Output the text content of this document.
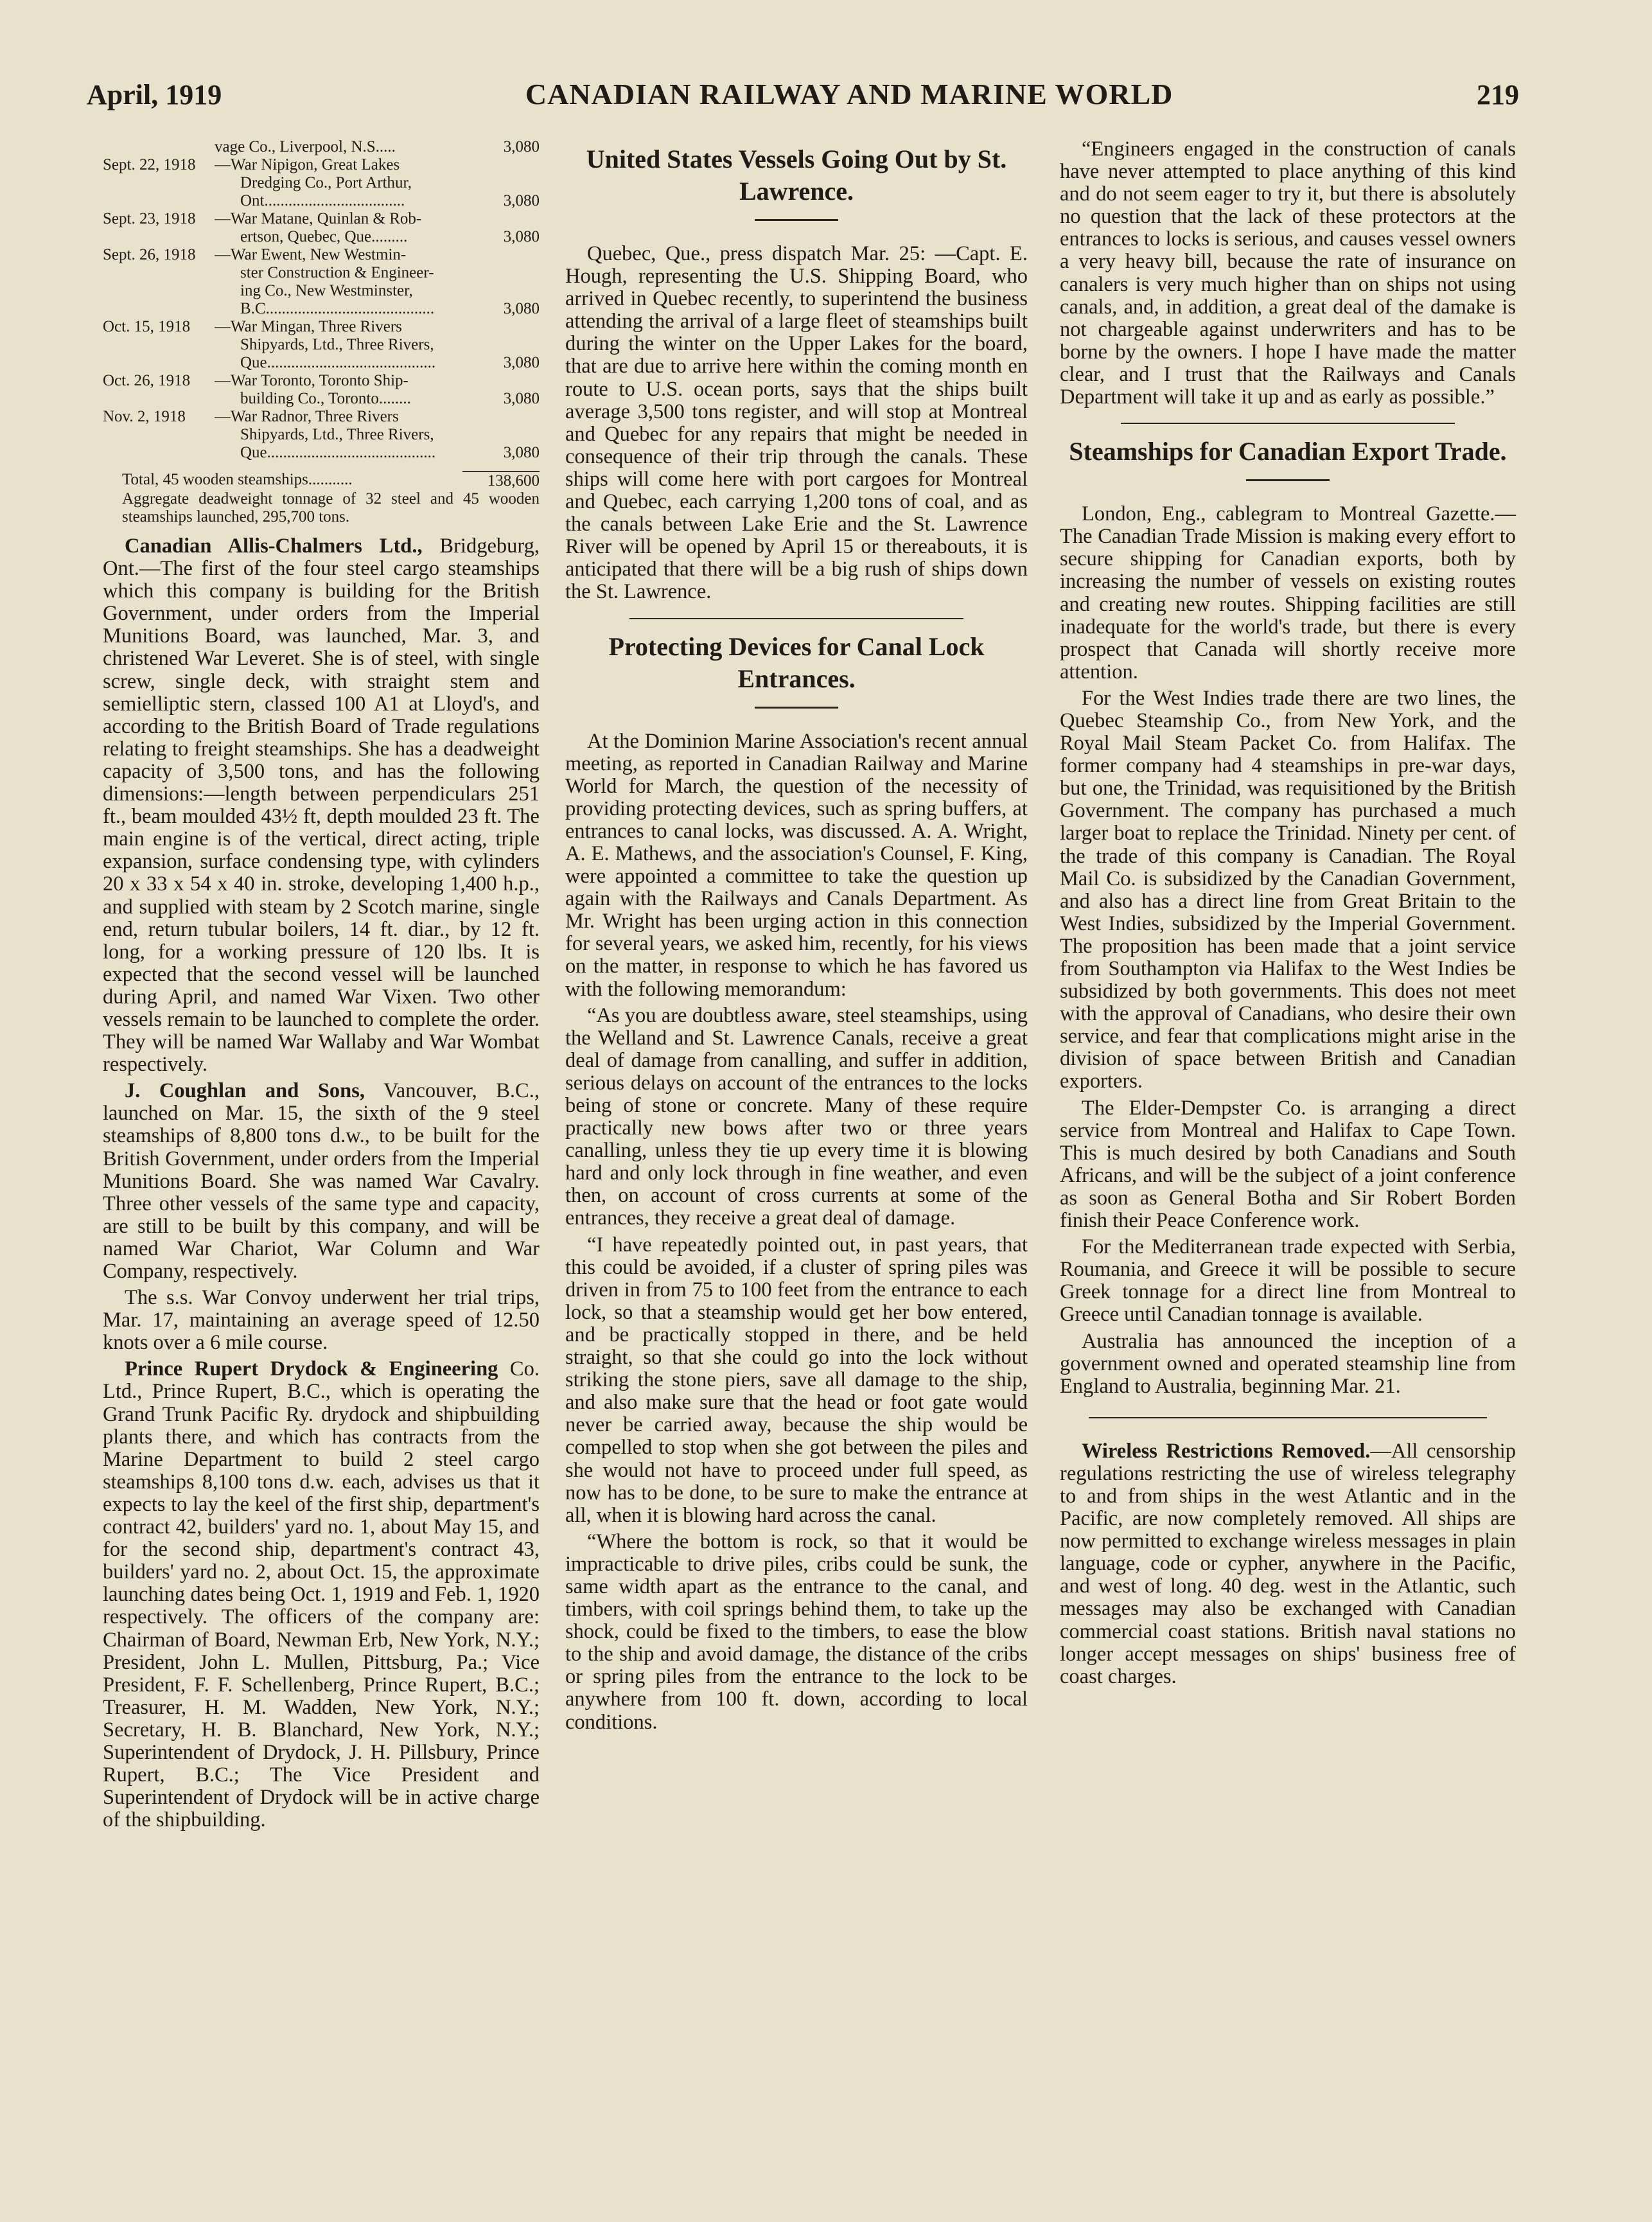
April, 1919	CANADIAN RAILWAY AND MARINE WORLD	219
vage Co., Liverpool, N.S.....	3,080
Sept. 22, 1918	—War Nipigon, Great Lakes
Dredging Co., Port Arthur,
Ont...................................	3,080
Sept. 23, 1918	—War Matane, Quinlan & Rob-
ertson, Quebec, Que.........	3,080
Sept. 26, 1918	—War Ewent, New Westmin-
ster Construction & Engineer-
ing Co., New Westminster,
B.C..........................................	3,080
Oct. 15, 1918	—War Mingan, Three Rivers
Shipyards, Ltd., Three Rivers,
Que..........................................	3,080
Oct. 26, 1918	—War Toronto, Toronto Ship-
building Co., Toronto........	3,080
Nov. 2, 1918	—War Radnor, Three Rivers
Shipyards, Ltd., Three Rivers,
Que..........................................	3,080
Total, 45 wooden steamships...........	138,600
Aggregate deadweight tonnage of 32 steel and 45 wooden steamships launched, 295,700 tons.

Canadian Allis-Chalmers Ltd., Bridgeburg, Ont.—The first of the four steel cargo steamships which this company is building for the British Government, under orders from the Imperial Munitions Board, was launched, Mar. 3, and christened War Leveret. She is of steel, with single screw, single deck, with straight stem and semielliptic stern, classed 100 A1 at Lloyd's, and according to the British Board of Trade regulations relating to freight steamships. She has a deadweight capacity of 3,500 tons, and has the following dimensions:—length between perpendiculars 251 ft., beam moulded 43½ ft, depth moulded 23 ft. The main engine is of the vertical, direct acting, triple expansion, surface condensing type, with cylinders 20 x 33 x 54 x 40 in. stroke, developing 1,400 h.p., and supplied with steam by 2 Scotch marine, single end, return tubular boilers, 14 ft. diar., by 12 ft. long, for a working pressure of 120 lbs. It is expected that the second vessel will be launched during April, and named War Vixen. Two other vessels remain to be launched to complete the order. They will be named War Wallaby and War Wombat respectively.

J. Coughlan and Sons, Vancouver, B.C., launched on Mar. 15, the sixth of the 9 steel steamships of 8,800 tons d.w., to be built for the British Government, under orders from the Imperial Munitions Board. She was named War Cavalry. Three other vessels of the same type and capacity, are still to be built by this company, and will be named War Chariot, War Column and War Company, respectively.

The s.s. War Convoy underwent her trial trips, Mar. 17, maintaining an average speed of 12.50 knots over a 6 mile course.

Prince Rupert Drydock & Engineering Co. Ltd., Prince Rupert, B.C., which is operating the Grand Trunk Pacific Ry. drydock and shipbuilding plants there, and which has contracts from the Marine Department to build 2 steel cargo steamships 8,100 tons d.w. each, advises us that it expects to lay the keel of the first ship, department's contract 42, builders' yard no. 1, about May 15, and for the second ship, department's contract 43, builders' yard no. 2, about Oct. 15, the approximate launching dates being Oct. 1, 1919 and Feb. 1, 1920 respectively. The officers of the company are: Chairman of Board, Newman Erb, New York, N.Y.; President, John L. Mullen, Pittsburg, Pa.; Vice President, F. F. Schellenberg, Prince Rupert, B.C.; Treasurer, H. M. Wadden, New York, N.Y.; Secretary, H. B. Blanchard, New York, N.Y.; Superintendent of Drydock, J. H. Pillsbury, Prince Rupert, B.C.; The Vice President and Superintendent of Drydock will be in active charge of the shipbuilding.

United States Vessels Going Out by St. Lawrence.

Quebec, Que., press dispatch Mar. 25: —Capt. E. Hough, representing the U.S. Shipping Board, who arrived in Quebec recently, to superintend the business attending the arrival of a large fleet of steamships built during the winter on the Upper Lakes for the board, that are due to arrive here within the coming month en route to U.S. ocean ports, says that the ships built average 3,500 tons register, and will stop at Montreal and Quebec for any repairs that might be needed in consequence of their trip through the canals. These ships will come here with port cargoes for Montreal and Quebec, each carrying 1,200 tons of coal, and as the canals between Lake Erie and the St. Lawrence River will be opened by April 15 or thereabouts, it is anticipated that there will be a big rush of ships down the St. Lawrence.

Protecting Devices for Canal Lock Entrances.

At the Dominion Marine Association's recent annual meeting, as reported in Canadian Railway and Marine World for March, the question of the necessity of providing protecting devices, such as spring buffers, at entrances to canal locks, was discussed. A. A. Wright, A. E. Mathews, and the association's Counsel, F. King, were appointed a committee to take the question up again with the Railways and Canals Department. As Mr. Wright has been urging action in this connection for several years, we asked him, recently, for his views on the matter, in response to which he has favored us with the following memorandum:

“As you are doubtless aware, steel steamships, using the Welland and St. Lawrence Canals, receive a great deal of damage from canalling, and suffer in addition, serious delays on account of the entrances to the locks being of stone or concrete. Many of these require practically new bows after two or three years canalling, unless they tie up every time it is blowing hard and only lock through in fine weather, and even then, on account of cross currents at some of the entrances, they receive a great deal of damage.

“I have repeatedly pointed out, in past years, that this could be avoided, if a cluster of spring piles was driven in from 75 to 100 feet from the entrance to each lock, so that a steamship would get her bow entered, and be practically stopped in there, and be held straight, so that she could go into the lock without striking the stone piers, save all damage to the ship, and also make sure that the head or foot gate would never be carried away, because the ship would be compelled to stop when she got between the piles and she would not have to proceed under full speed, as now has to be done, to be sure to make the entrance at all, when it is blowing hard across the canal.

“Where the bottom is rock, so that it would be impracticable to drive piles, cribs could be sunk, the same width apart as the entrance to the canal, and timbers, with coil springs behind them, to take up the shock, could be fixed to the timbers, to ease the blow to the ship and avoid damage, the distance of the cribs or spring piles from the entrance to the lock to be anywhere from 100 ft. down, according to local conditions.

“Engineers engaged in the construction of canals have never attempted to place anything of this kind and do not seem eager to try it, but there is absolutely no question that the lack of these protectors at the entrances to locks is serious, and causes vessel owners a very heavy bill, because the rate of insurance on canalers is very much higher than on ships not using canals, and, in addition, a great deal of the damake is not chargeable against underwriters and has to be borne by the owners. I hope I have made the matter clear, and I trust that the Railways and Canals Department will take it up and as early as possible.”

Steamships for Canadian Export Trade.

London, Eng., cablegram to Montreal Gazette.—The Canadian Trade Mission is making every effort to secure shipping for Canadian exports, both by increasing the number of vessels on existing routes and creating new routes. Shipping facilities are still inadequate for the world's trade, but there is every prospect that Canada will shortly receive more attention.

For the West Indies trade there are two lines, the Quebec Steamship Co., from New York, and the Royal Mail Steam Packet Co. from Halifax. The former company had 4 steamships in pre-war days, but one, the Trinidad, was requisitioned by the British Government. The company has purchased a much larger boat to replace the Trinidad. Ninety per cent. of the trade of this company is Canadian. The Royal Mail Co. is subsidized by the Canadian Government, and also has a direct line from Great Britain to the West Indies, subsidized by the Imperial Government. The proposition has been made that a joint service from Southampton via Halifax to the West Indies be subsidized by both governments. This does not meet with the approval of Canadians, who desire their own service, and fear that complications might arise in the division of space between British and Canadian exporters.

The Elder-Dempster Co. is arranging a direct service from Montreal and Halifax to Cape Town. This is much desired by both Canadians and South Africans, and will be the subject of a joint conference as soon as General Botha and Sir Robert Borden finish their Peace Conference work.

For the Mediterranean trade expected with Serbia, Roumania, and Greece it will be possible to secure Greek tonnage for a direct line from Montreal to Greece until Canadian tonnage is available.

Australia has announced the inception of a government owned and operated steamship line from England to Australia, beginning Mar. 21.

Wireless Restrictions Removed.—All censorship regulations restricting the use of wireless telegraphy to and from ships in the west Atlantic and in the Pacific, are now completely removed. All ships are now permitted to exchange wireless messages in plain language, code or cypher, anywhere in the Pacific, and west of long. 40 deg. west in the Atlantic, such messages may also be exchanged with Canadian commercial coast stations. British naval stations no longer accept messages on ships' business free of coast charges.
